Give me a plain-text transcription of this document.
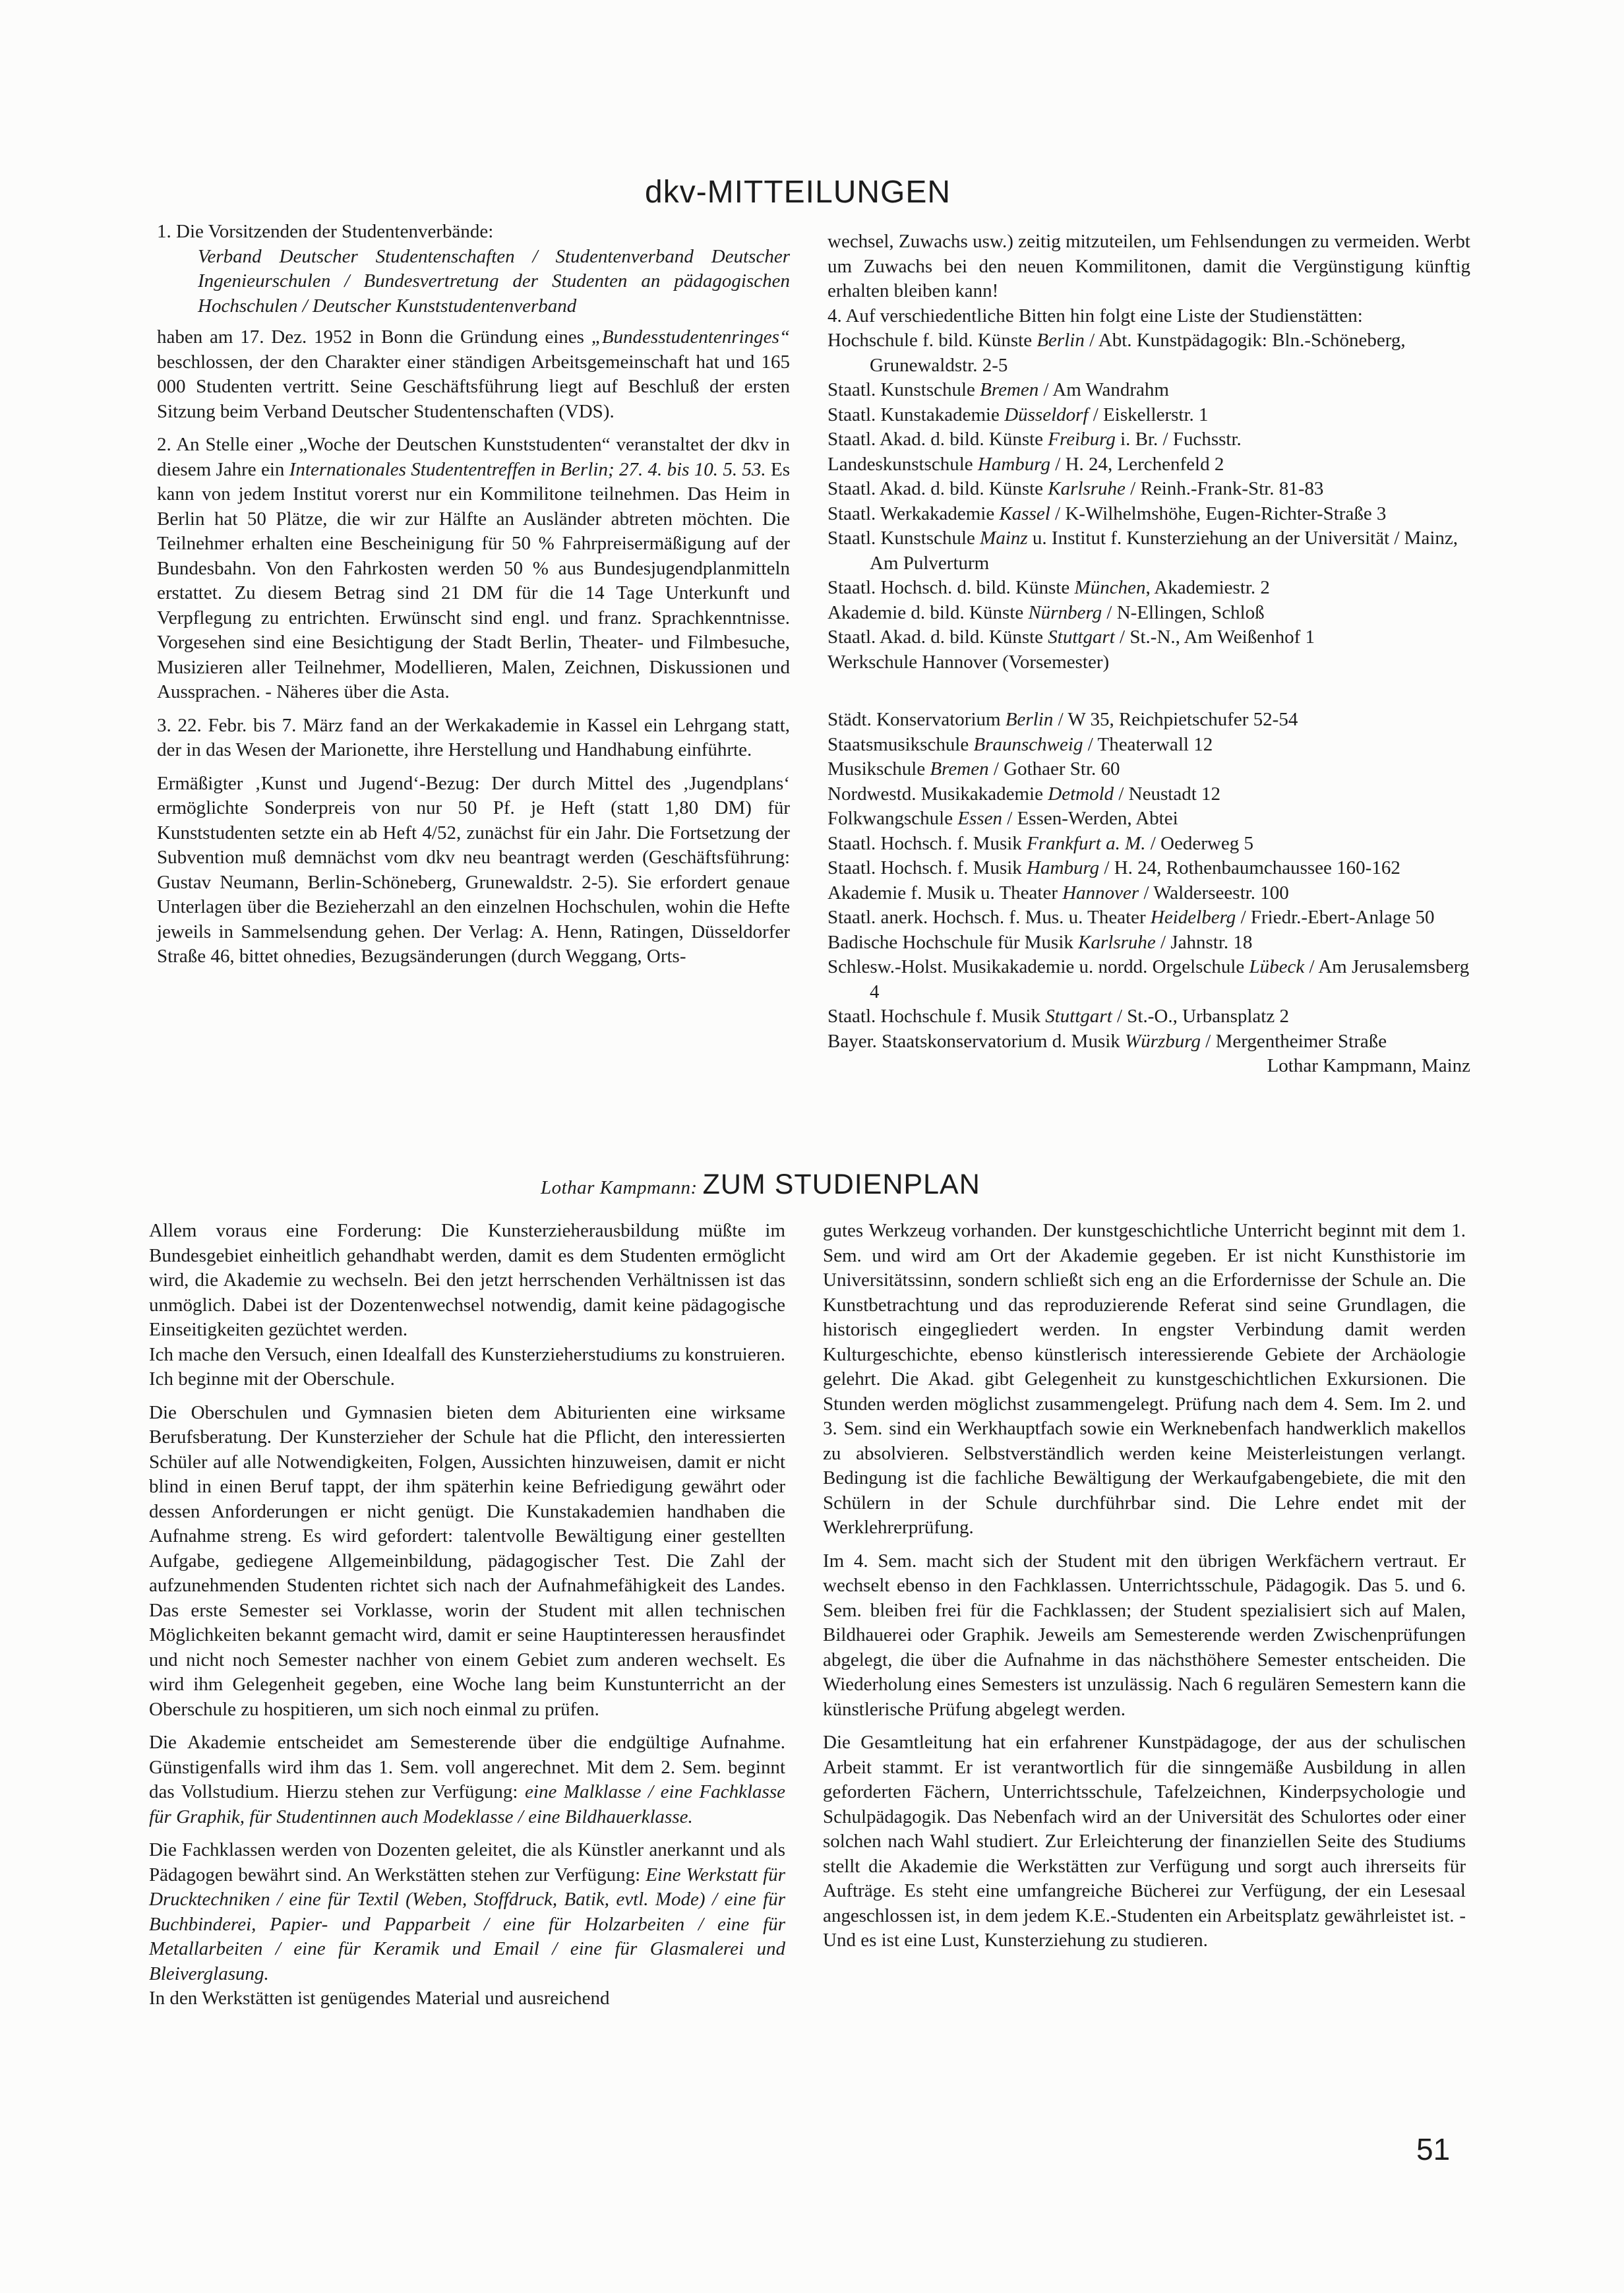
dkv-MITTEILUNGEN

1. Die Vorsitzenden der Studentenverbände:

Verband Deutscher Studentenschaften / Studentenverband Deutscher Ingenieurschulen / Bundesvertretung der Studenten an pädagogischen Hochschulen / Deutscher Kunststudentenverband

haben am 17. Dez. 1952 in Bonn die Gründung eines „Bundesstudentenringes“ beschlossen, der den Charakter einer ständigen Arbeitsgemeinschaft hat und 165 000 Studenten vertritt. Seine Geschäftsführung liegt auf Beschluß der ersten Sitzung beim Verband Deutscher Studentenschaften (VDS).

2. An Stelle einer „Woche der Deutschen Kunststudenten“ veranstaltet der dkv in diesem Jahre ein Internationales Studententreffen in Berlin; 27. 4. bis 10. 5. 53. Es kann von jedem Institut vorerst nur ein Kommilitone teilnehmen. Das Heim in Berlin hat 50 Plätze, die wir zur Hälfte an Ausländer abtreten möchten. Die Teilnehmer erhalten eine Bescheinigung für 50 % Fahrpreisermäßigung auf der Bundesbahn. Von den Fahrkosten werden 50 % aus Bundesjugendplanmitteln erstattet. Zu diesem Betrag sind 21 DM für die 14 Tage Unterkunft und Verpflegung zu entrichten. Erwünscht sind engl. und franz. Sprachkenntnisse. Vorgesehen sind eine Besichtigung der Stadt Berlin, Theater- und Filmbesuche, Musizieren aller Teilnehmer, Modellieren, Malen, Zeichnen, Diskussionen und Aussprachen. - Näheres über die Asta.

3. 22. Febr. bis 7. März fand an der Werkakademie in Kassel ein Lehrgang statt, der in das Wesen der Marionette, ihre Herstellung und Handhabung einführte.

Ermäßigter ‚Kunst und Jugend‘-Bezug: Der durch Mittel des ‚Jugendplans‘ ermöglichte Sonderpreis von nur 50 Pf. je Heft (statt 1,80 DM) für Kunststudenten setzte ein ab Heft 4/52, zunächst für ein Jahr. Die Fortsetzung der Subvention muß demnächst vom dkv neu beantragt werden (Geschäftsführung: Gustav Neumann, Berlin-Schöneberg, Grunewaldstr. 2-5). Sie erfordert genaue Unterlagen über die Bezieherzahl an den einzelnen Hochschulen, wohin die Hefte jeweils in Sammelsendung gehen. Der Verlag: A. Henn, Ratingen, Düsseldorfer Straße 46, bittet ohnedies, Bezugsänderungen (durch Weggang, Orts-

wechsel, Zuwachs usw.) zeitig mitzuteilen, um Fehlsendungen zu vermeiden. Werbt um Zuwachs bei den neuen Kommilitonen, damit die Vergünstigung künftig erhalten bleiben kann!

4. Auf verschiedentliche Bitten hin folgt eine Liste der Studienstätten:

Hochschule f. bild. Künste Berlin / Abt. Kunstpädagogik: Bln.-Schöneberg, Grunewaldstr. 2-5
Staatl. Kunstschule Bremen / Am Wandrahm
Staatl. Kunstakademie Düsseldorf / Eiskellerstr. 1
Staatl. Akad. d. bild. Künste Freiburg i. Br. / Fuchsstr.
Landeskunstschule Hamburg / H. 24, Lerchenfeld 2
Staatl. Akad. d. bild. Künste Karlsruhe / Reinh.-Frank-Str. 81-83
Staatl. Werkakademie Kassel / K-Wilhelmshöhe, Eugen-Richter-Straße 3
Staatl. Kunstschule Mainz u. Institut f. Kunsterziehung an der Universität / Mainz, Am Pulverturm
Staatl. Hochsch. d. bild. Künste München, Akademiestr. 2
Akademie d. bild. Künste Nürnberg / N-Ellingen, Schloß
Staatl. Akad. d. bild. Künste Stuttgart / St.-N., Am Weißenhof 1
Werkschule Hannover (Vorsemester)
Städt. Konservatorium Berlin / W 35, Reichpietschufer 52-54
Staatsmusikschule Braunschweig / Theaterwall 12
Musikschule Bremen / Gothaer Str. 60
Nordwestd. Musikakademie Detmold / Neustadt 12
Folkwangschule Essen / Essen-Werden, Abtei
Staatl. Hochsch. f. Musik Frankfurt a. M. / Oederweg 5
Staatl. Hochsch. f. Musik Hamburg / H. 24, Rothenbaumchaussee 160-162
Akademie f. Musik u. Theater Hannover / Walderseestr. 100
Staatl. anerk. Hochsch. f. Mus. u. Theater Heidelberg / Friedr.-Ebert-Anlage 50
Badische Hochschule für Musik Karlsruhe / Jahnstr. 18
Schlesw.-Holst. Musikakademie u. nordd. Orgelschule Lübeck / Am Jerusalemsberg 4
Staatl. Hochschule f. Musik Stuttgart / St.-O., Urbansplatz 2
Bayer. Staatskonservatorium d. Musik Würzburg / Mergentheimer Straße
Lothar Kampmann, Mainz
Lothar Kampmann: ZUM STUDIENPLAN

Allem voraus eine Forderung: Die Kunsterzieherausbildung müßte im Bundesgebiet einheitlich gehandhabt werden, damit es dem Studenten ermöglicht wird, die Akademie zu wechseln. Bei den jetzt herrschenden Verhältnissen ist das unmöglich. Dabei ist der Dozentenwechsel notwendig, damit keine pädagogische Einseitigkeiten gezüchtet werden.

Ich mache den Versuch, einen Idealfall des Kunsterzieherstudiums zu konstruieren. Ich beginne mit der Oberschule.

Die Oberschulen und Gymnasien bieten dem Abiturienten eine wirksame Berufsberatung. Der Kunsterzieher der Schule hat die Pflicht, den interessierten Schüler auf alle Notwendigkeiten, Folgen, Aussichten hinzuweisen, damit er nicht blind in einen Beruf tappt, der ihm späterhin keine Befriedigung gewährt oder dessen Anforderungen er nicht genügt. Die Kunstakademien handhaben die Aufnahme streng. Es wird gefordert: talentvolle Bewältigung einer gestellten Aufgabe, gediegene Allgemeinbildung, pädagogischer Test. Die Zahl der aufzunehmenden Studenten richtet sich nach der Aufnahmefähigkeit des Landes. Das erste Semester sei Vorklasse, worin der Student mit allen technischen Möglichkeiten bekannt gemacht wird, damit er seine Hauptinteressen herausfindet und nicht noch Semester nachher von einem Gebiet zum anderen wechselt. Es wird ihm Gelegenheit gegeben, eine Woche lang beim Kunstunterricht an der Oberschule zu hospitieren, um sich noch einmal zu prüfen.

Die Akademie entscheidet am Semesterende über die endgültige Aufnahme. Günstigenfalls wird ihm das 1. Sem. voll angerechnet. Mit dem 2. Sem. beginnt das Vollstudium. Hierzu stehen zur Verfügung: eine Malklasse / eine Fachklasse für Graphik, für Studentinnen auch Modeklasse / eine Bildhauerklasse.

Die Fachklassen werden von Dozenten geleitet, die als Künstler anerkannt und als Pädagogen bewährt sind. An Werkstätten stehen zur Verfügung: Eine Werkstatt für Drucktechniken / eine für Textil (Weben, Stoffdruck, Batik, evtl. Mode) / eine für Buchbinderei, Papier- und Papparbeit / eine für Holzarbeiten / eine für Metallarbeiten / eine für Keramik und Email / eine für Glasmalerei und Bleiverglasung.

In den Werkstätten ist genügendes Material und ausreichend

gutes Werkzeug vorhanden. Der kunstgeschichtliche Unterricht beginnt mit dem 1. Sem. und wird am Ort der Akademie gegeben. Er ist nicht Kunsthistorie im Universitätssinn, sondern schließt sich eng an die Erfordernisse der Schule an. Die Kunstbetrachtung und das reproduzierende Referat sind seine Grundlagen, die historisch eingegliedert werden. In engster Verbindung damit werden Kulturgeschichte, ebenso künstlerisch interessierende Gebiete der Archäologie gelehrt. Die Akad. gibt Gelegenheit zu kunstgeschichtlichen Exkursionen. Die Stunden werden möglichst zusammengelegt. Prüfung nach dem 4. Sem. Im 2. und 3. Sem. sind ein Werkhauptfach sowie ein Werknebenfach handwerklich makellos zu absolvieren. Selbstverständlich werden keine Meisterleistungen verlangt. Bedingung ist die fachliche Bewältigung der Werkaufgabengebiete, die mit den Schülern in der Schule durchführbar sind. Die Lehre endet mit der Werklehrerprüfung.

Im 4. Sem. macht sich der Student mit den übrigen Werkfächern vertraut. Er wechselt ebenso in den Fachklassen. Unterrichtsschule, Pädagogik. Das 5. und 6. Sem. bleiben frei für die Fachklassen; der Student spezialisiert sich auf Malen, Bildhauerei oder Graphik. Jeweils am Semesterende werden Zwischenprüfungen abgelegt, die über die Aufnahme in das nächsthöhere Semester entscheiden. Die Wiederholung eines Semesters ist unzulässig. Nach 6 regulären Semestern kann die künstlerische Prüfung abgelegt werden.

Die Gesamtleitung hat ein erfahrener Kunstpädagoge, der aus der schulischen Arbeit stammt. Er ist verantwortlich für die sinngemäße Ausbildung in allen geforderten Fächern, Unterrichtsschule, Tafelzeichnen, Kinderpsychologie und Schulpädagogik. Das Nebenfach wird an der Universität des Schulortes oder einer solchen nach Wahl studiert. Zur Erleichterung der finanziellen Seite des Studiums stellt die Akademie die Werkstätten zur Verfügung und sorgt auch ihrerseits für Aufträge. Es steht eine umfangreiche Bücherei zur Verfügung, der ein Lesesaal angeschlossen ist, in dem jedem K.E.-Studenten ein Arbeitsplatz gewährleistet ist. - Und es ist eine Lust, Kunsterziehung zu studieren.

51
